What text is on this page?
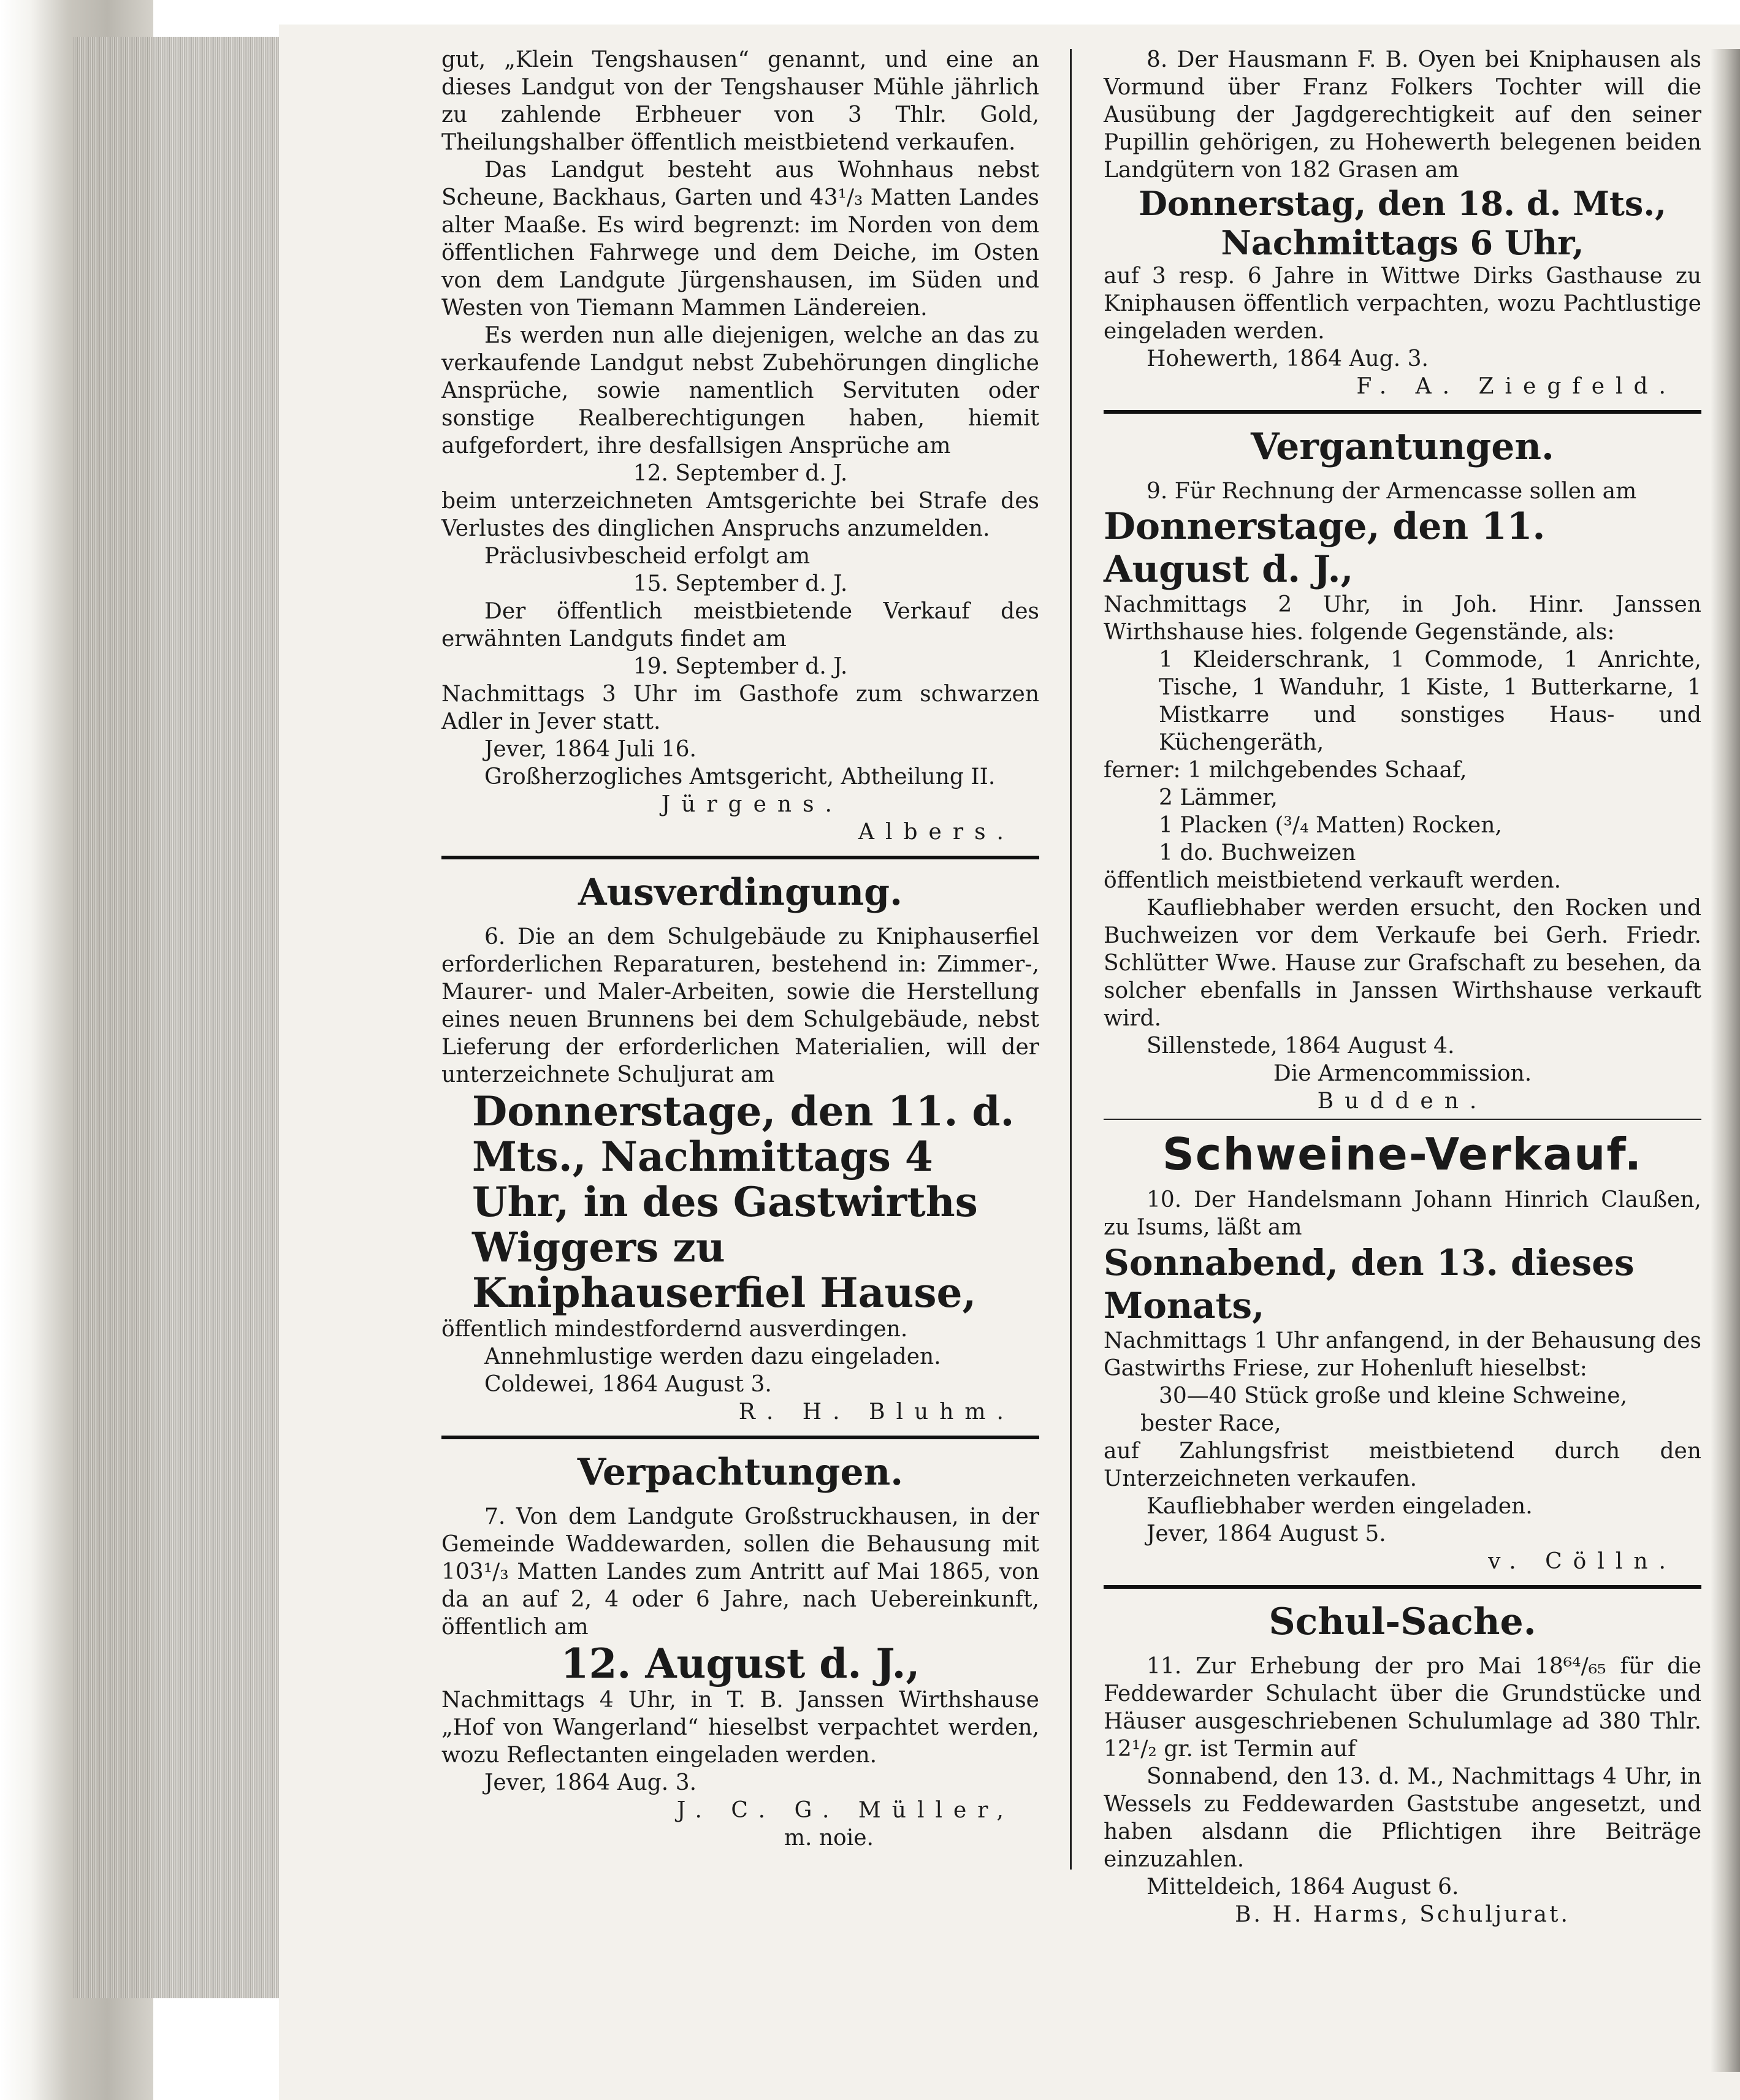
gut, „Klein Tengshausen“ genannt, und eine an dieses Landgut von der Tengshauser Mühle jährlich zu zahlende Erbheuer von 3 Thlr. Gold, Theilungshalber öffentlich meistbietend verkaufen.

Das Landgut besteht aus Wohnhaus nebst Scheune, Backhaus, Garten und 43¹/₃ Matten Landes alter Maaße. Es wird begrenzt: im Norden von dem öffentlichen Fahrwege und dem Deiche, im Osten von dem Landgute Jürgenshausen, im Süden und Westen von Tiemann Mammen Ländereien.

Es werden nun alle diejenigen, welche an das zu verkaufende Landgut nebst Zubehörungen dingliche Ansprüche, sowie namentlich Servituten oder sonstige Realberechtigungen haben, hiemit aufgefordert, ihre desfallsigen Ansprüche am

12. September d. J.

beim unterzeichneten Amtsgerichte bei Strafe des Verlustes des dinglichen Anspruchs anzumelden.

Präclusivbescheid erfolgt am

15. September d. J.

Der öffentlich meistbietende Verkauf des erwähnten Landguts findet am

19. September d. J.

Nachmittags 3 Uhr im Gasthofe zum schwarzen Adler in Jever statt.

Jever, 1864 Juli 16.

Großherzogliches Amtsgericht, Abtheilung II.

Jürgens.

Albers.

Ausverdingung.

6. Die an dem Schulgebäude zu Kniphauserfiel erforderlichen Reparaturen, bestehend in: Zimmer-, Maurer- und Maler-Arbeiten, sowie die Herstellung eines neuen Brunnens bei dem Schulgebäude, nebst Lieferung der erforderlichen Materialien, will der unterzeichnete Schuljurat am

Donnerstage, den 11. d. Mts., Nachmittags 4 Uhr, in des Gastwirths Wiggers zu Kniphauserfiel Hause,

öffentlich mindestfordernd ausverdingen.

Annehmlustige werden dazu eingeladen.

Coldewei, 1864 August 3.

R. H. Bluhm.

Verpachtungen.

7. Von dem Landgute Großstruckhausen, in der Gemeinde Waddewarden, sollen die Behausung mit 103¹/₃ Matten Landes zum Antritt auf Mai 1865, von da an auf 2, 4 oder 6 Jahre, nach Uebereinkunft, öffentlich am

12. August d. J.,

Nachmittags 4 Uhr, in T. B. Janssen Wirthshause „Hof von Wangerland“ hieselbst verpachtet werden, wozu Reflectanten eingeladen werden.

Jever, 1864 Aug. 3.

J. C. G. Müller,

m. noie.

8. Der Hausmann F. B. Oyen bei Kniphausen als Vormund über Franz Folkers Tochter will die Ausübung der Jagdgerechtigkeit auf den seiner Pupillin gehörigen, zu Hohewerth belegenen beiden Landgütern von 182 Grasen am

Donnerstag, den 18. d. Mts.,

Nachmittags 6 Uhr,

auf 3 resp. 6 Jahre in Wittwe Dirks Gasthause zu Kniphausen öffentlich verpachten, wozu Pachtlustige eingeladen werden.

Hohewerth, 1864 Aug. 3.

F. A. Ziegfeld.

Vergantungen.

9. Für Rechnung der Armencasse sollen am

Donnerstage, den 11. August d. J.,

Nachmittags 2 Uhr, in Joh. Hinr. Janssen Wirthshause hies. folgende Gegenstände, als:

1 Kleiderschrank, 1 Commode, 1 Anrichte, Tische, 1 Wanduhr, 1 Kiste, 1 Butterkarne, 1 Mistkarre und sonstiges Haus- und Küchengeräth,

ferner: 1 milchgebendes Schaaf,

2 Lämmer,

1 Placken (³/₄ Matten) Rocken,

1 do. Buchweizen

öffentlich meistbietend verkauft werden.

Kaufliebhaber werden ersucht, den Rocken und Buchweizen vor dem Verkaufe bei Gerh. Friedr. Schlütter Wwe. Hause zur Grafschaft zu besehen, da solcher ebenfalls in Janssen Wirthshause verkauft wird.

Sillenstede, 1864 August 4.

Die Armencommission.

Budden.

Schweine-Verkauf.

10. Der Handelsmann Johann Hinrich Claußen, zu Isums, läßt am

Sonnabend, den 13. dieses Monats,

Nachmittags 1 Uhr anfangend, in der Behausung des Gastwirths Friese, zur Hohenluft hieselbst:

30—40 Stück große und kleine Schweine,

bester Race,

auf Zahlungsfrist meistbietend durch den Unterzeichneten verkaufen.

Kaufliebhaber werden eingeladen.

Jever, 1864 August 5.

v. Cölln.

Schul-Sache.

11. Zur Erhebung der pro Mai 18⁶⁴/₆₅ für die Feddewarder Schulacht über die Grundstücke und Häuser ausgeschriebenen Schulumlage ad 380 Thlr. 12¹/₂ gr. ist Termin auf

Sonnabend, den 13. d. M., Nachmittags 4 Uhr, in Wessels zu Feddewarden Gaststube angesetzt, und haben alsdann die Pflichtigen ihre Beiträge einzuzahlen.

Mitteldeich, 1864 August 6.

B. H. Harms, Schuljurat.
